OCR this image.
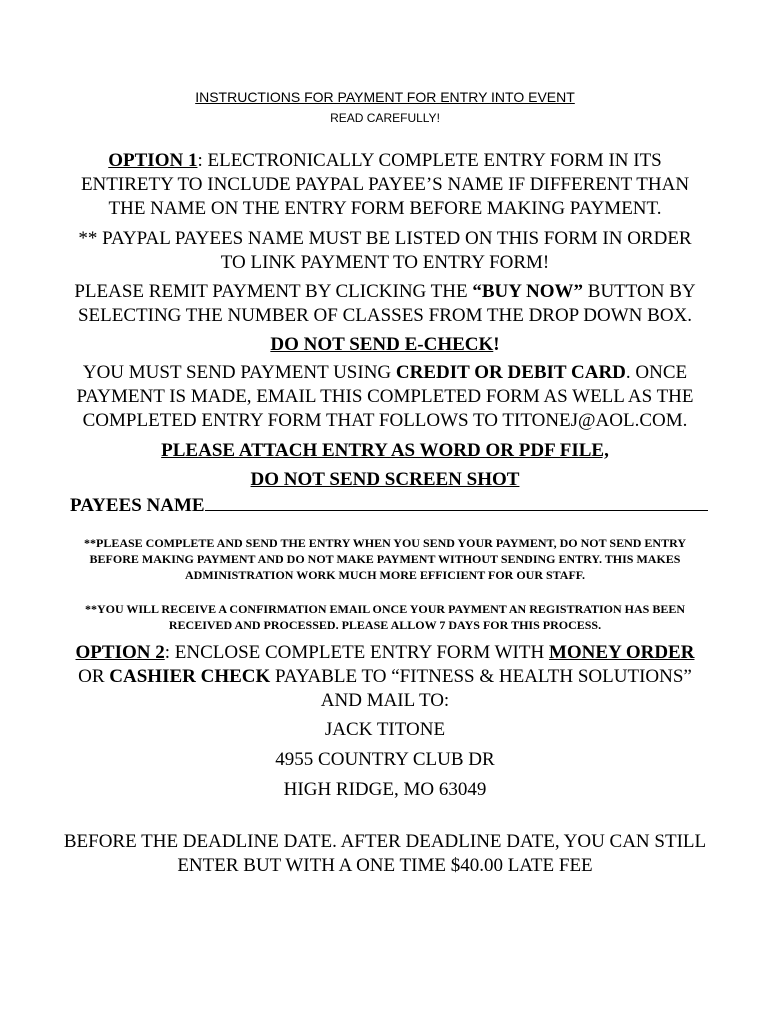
INSTRUCTIONS FOR PAYMENT FOR ENTRY INTO EVENT
READ CAREFULLY!
OPTION 1: ELECTRONICALLY COMPLETE ENTRY FORM IN ITS
ENTIRETY TO INCLUDE PAYPAL PAYEE’S NAME IF DIFFERENT THAN
THE NAME ON THE ENTRY FORM BEFORE MAKING PAYMENT.
** PAYPAL PAYEES NAME MUST BE LISTED ON THIS FORM IN ORDER
TO LINK PAYMENT TO ENTRY FORM!
PLEASE REMIT PAYMENT BY CLICKING THE “BUY NOW” BUTTON BY
SELECTING THE NUMBER OF CLASSES FROM THE DROP DOWN BOX.
DO NOT SEND E-CHECK!
YOU MUST SEND PAYMENT USING CREDIT OR DEBIT CARD. ONCE
PAYMENT IS MADE, EMAIL THIS COMPLETED FORM AS WELL AS THE
COMPLETED ENTRY FORM THAT FOLLOWS TO TITONEJ@AOL.COM.
PLEASE ATTACH ENTRY AS WORD OR PDF FILE,
DO NOT SEND SCREEN SHOT
PAYEES NAME
**PLEASE COMPLETE AND SEND THE ENTRY WHEN YOU SEND YOUR PAYMENT, DO NOT SEND ENTRY
BEFORE MAKING PAYMENT AND DO NOT MAKE PAYMENT WITHOUT SENDING ENTRY. THIS MAKES
ADMINISTRATION WORK MUCH MORE EFFICIENT FOR OUR STAFF.
**YOU WILL RECEIVE A CONFIRMATION EMAIL ONCE YOUR PAYMENT AN REGISTRATION HAS BEEN
RECEIVED AND PROCESSED. PLEASE ALLOW 7 DAYS FOR THIS PROCESS.
OPTION 2: ENCLOSE COMPLETE ENTRY FORM WITH MONEY ORDER
OR CASHIER CHECK PAYABLE TO “FITNESS & HEALTH SOLUTIONS”
AND MAIL TO:
JACK TITONE
4955 COUNTRY CLUB DR
HIGH RIDGE, MO 63049
BEFORE THE DEADLINE DATE. AFTER DEADLINE DATE, YOU CAN STILL
ENTER BUT WITH A ONE TIME $40.00 LATE FEE
